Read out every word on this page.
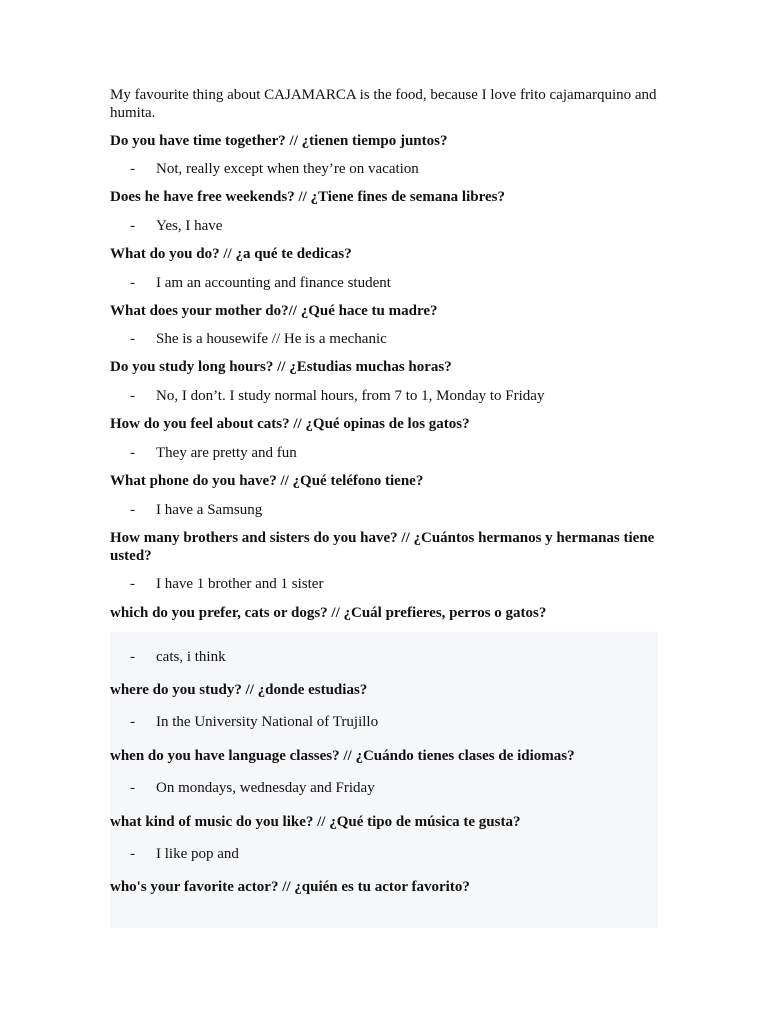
My favourite thing about CAJAMARCA is the food, because I love frito cajamarquino and humita.
Do you have time together? // ¿tienen tiempo juntos?
- Not, really except when they’re on vacation
Does he have free weekends? // ¿Tiene fines de semana libres?
- Yes, I have
What do you do? // ¿a qué te dedicas?
- I am an accounting and finance student
What does your mother do?// ¿Qué hace tu madre?
- She is a housewife // He is a mechanic
Do you study long hours? // ¿Estudias muchas horas?
- No, I don’t. I study normal hours, from 7 to 1, Monday to Friday
How do you feel about cats? // ¿Qué opinas de los gatos?
- They are pretty and fun
What phone do you have? // ¿Qué teléfono tiene?
- I have a Samsung
How many brothers and sisters do you have? // ¿Cuántos hermanos y hermanas tiene usted?
- I have 1 brother and 1 sister
which do you prefer, cats or dogs? // ¿Cuál prefieres, perros o gatos?
- cats, i think
where do you study? // ¿donde estudias?
- In the University National of Trujillo
when do you have language classes? // ¿Cuándo tienes clases de idiomas?
- On mondays, wednesday and Friday
what kind of music do you like? // ¿Qué tipo de música te gusta?
- I like pop and
who's your favorite actor? // ¿quién es tu actor favorito?
